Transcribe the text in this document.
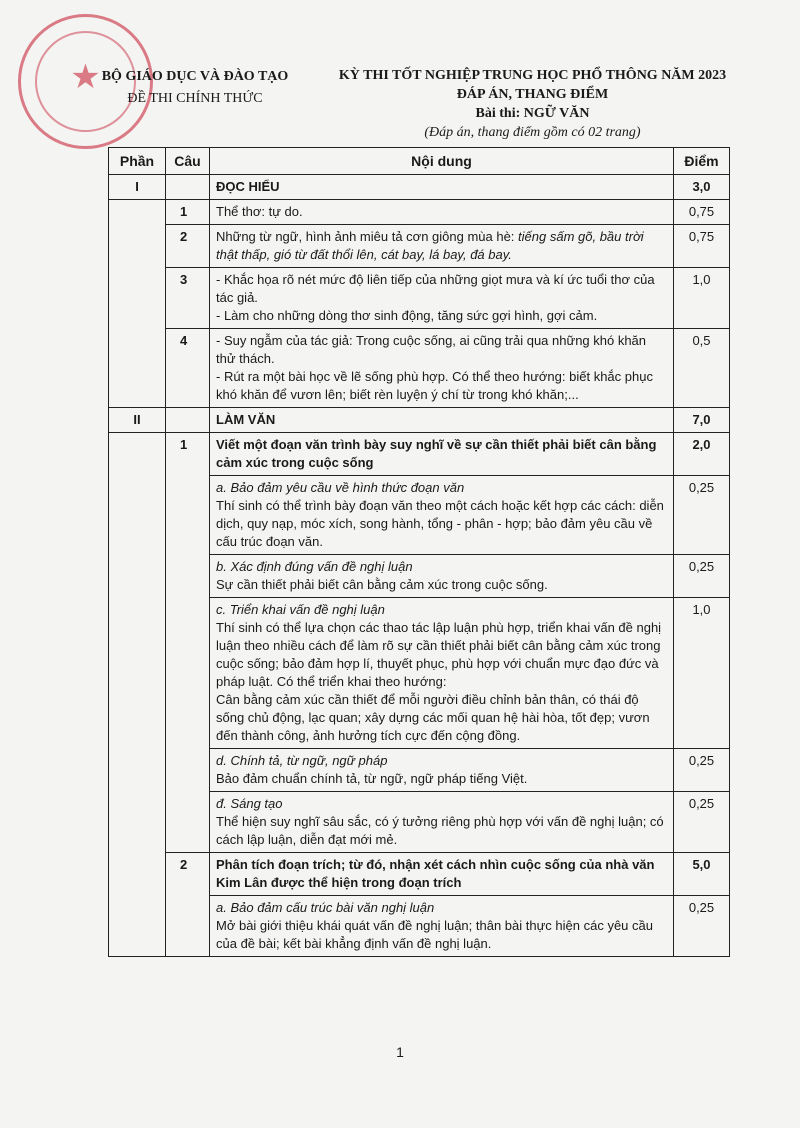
★ BỘ GIÁO DỤC VÀ ĐÀO TẠO
ĐỀ THI CHÍNH THỨC
KỲ THI TỐT NGHIỆP TRUNG HỌC PHỔ THÔNG NĂM 2023
ĐÁP ÁN, THANG ĐIỂM
Bài thi: NGỮ VĂN
(Đáp án, thang điểm gồm có 02 trang)
Phần	Câu	Nội dung	Điểm
I		ĐỌC HIỂU	3,0
	1	Thể thơ: tự do.	0,75
	2	Những từ ngữ, hình ảnh miêu tả cơn giông mùa hè: tiếng sấm gõ, bầu trời thật thấp, gió từ đất thổi lên, cát bay, lá bay, đá bay.	0,75
	3	- Khắc họa rõ nét mức độ liên tiếp của những giọt mưa và kí ức tuổi thơ của tác giả.
- Làm cho những dòng thơ sinh động, tăng sức gợi hình, gợi cảm.	1,0
	4	- Suy ngẫm của tác giả: Trong cuộc sống, ai cũng trải qua những khó khăn thử thách.
- Rút ra một bài học về lẽ sống phù hợp. Có thể theo hướng: biết khắc phục khó khăn để vươn lên; biết rèn luyện ý chí từ trong khó khăn;...	0,5
II		LÀM VĂN	7,0
	1	Viết một đoạn văn trình bày suy nghĩ về sự cần thiết phải biết cân bằng cảm xúc trong cuộc sống	2,0

		a. Bảo đảm yêu cầu về hình thức đoạn văn
Thí sinh có thể trình bày đoạn văn theo một cách hoặc kết hợp các cách: diễn dịch, quy nạp, móc xích, song hành, tổng - phân - hợp; bảo đảm yêu cầu về cấu trúc đoạn văn.	0,25

		b. Xác định đúng vấn đề nghị luận
Sự cần thiết phải biết cân bằng cảm xúc trong cuộc sống.	0,25

		c. Triển khai vấn đề nghị luận
Thí sinh có thể lựa chọn các thao tác lập luận phù hợp, triển khai vấn đề nghị luận theo nhiều cách để làm rõ sự cần thiết phải biết cân bằng cảm xúc trong cuộc sống; bảo đảm hợp lí, thuyết phục, phù hợp với chuẩn mực đạo đức và pháp luật. Có thể triển khai theo hướng:
Cân bằng cảm xúc cần thiết để mỗi người điều chỉnh bản thân, có thái độ sống chủ động, lạc quan; xây dựng các mối quan hệ hài hòa, tốt đẹp; vươn đến thành công, ảnh hưởng tích cực đến cộng đồng.	1,0

		d. Chính tả, từ ngữ, ngữ pháp
Bảo đảm chuẩn chính tả, từ ngữ, ngữ pháp tiếng Việt.	0,25

		đ. Sáng tạo
Thể hiện suy nghĩ sâu sắc, có ý tưởng riêng phù hợp với vấn đề nghị luận; có cách lập luận, diễn đạt mới mẻ.	0,25
	2	Phân tích đoạn trích; từ đó, nhận xét cách nhìn cuộc sống của nhà văn Kim Lân được thể hiện trong đoạn trích	5,0

		a. Bảo đảm cấu trúc bài văn nghị luận
Mở bài giới thiệu khái quát vấn đề nghị luận; thân bài thực hiện các yêu cầu của đề bài; kết bài khẳng định vấn đề nghị luận.	0,25
1
